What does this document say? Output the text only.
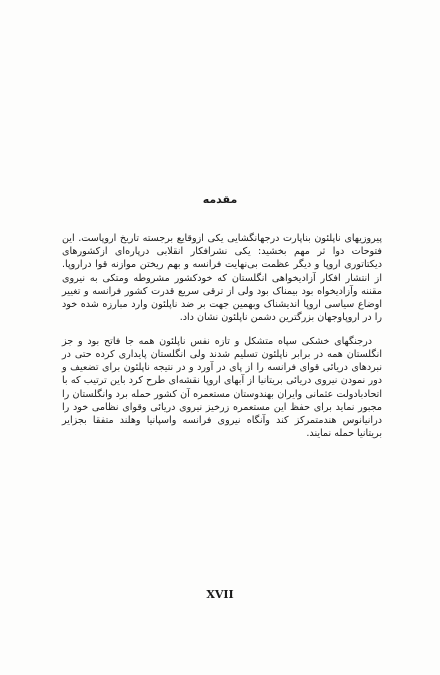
مقدمه

پیروزیهای ناپلئون بناپارت درجهانگشایی یکی ازوقایع برجسته تاریخ اروپاست. این فتوحات دوا ثر مهم بخشید: یکی نشرافکار انقلابی درپاره‌ای ازکشورهای دیکتاتوری اروپا و دیگر عظمت بی‌نهایت فرانسه و بهم ریختن موازنه قوا دراروپا. از انتشار افکار آزادیخواهی انگلستان که خودکشور مشروطه ومتکی به نیروی مقننه وآزادیخواه بود بیمناک بود ولی از ترقی سریع قدرت کشور فرانسه و تغییر اوضاع سیاسی اروپا اندیشناک وبهمین جهت بر ضد ناپلئون وارد مبارزه شده خود را در اروپاوجهان بزرگترین دشمن ناپلئون نشان داد.

درجنگهای خشکی سپاه متشکل و تازه نفس ناپلئون همه جا فاتح بود و جز انگلستان همه در برابر ناپلئون تسلیم شدند ولی انگلستان پایداری کرده حتی در نبردهای دریائی قوای فرانسه را از پای در آورد و در نتیجه ناپلئون برای تضعیف و دور نمودن نیروی دریائی بریتانیا از آبهای اروپا نقشه‌ای طرح کرد باین ترتیب که با اتحادبادولت عثمانی وایران بهندوستان مستعمره آن کشور حمله برد وانگلستان را مجبور نماید برای حفظ این مستعمره زرخیز نیروی دریائی وقوای نظامی خود را درانیانوس هندمتمرکز کند وآنگاه نیروی فرانسه واسپانیا وهلند متفقا بجزایر بریتانیا حمله نمایند.

XVII
